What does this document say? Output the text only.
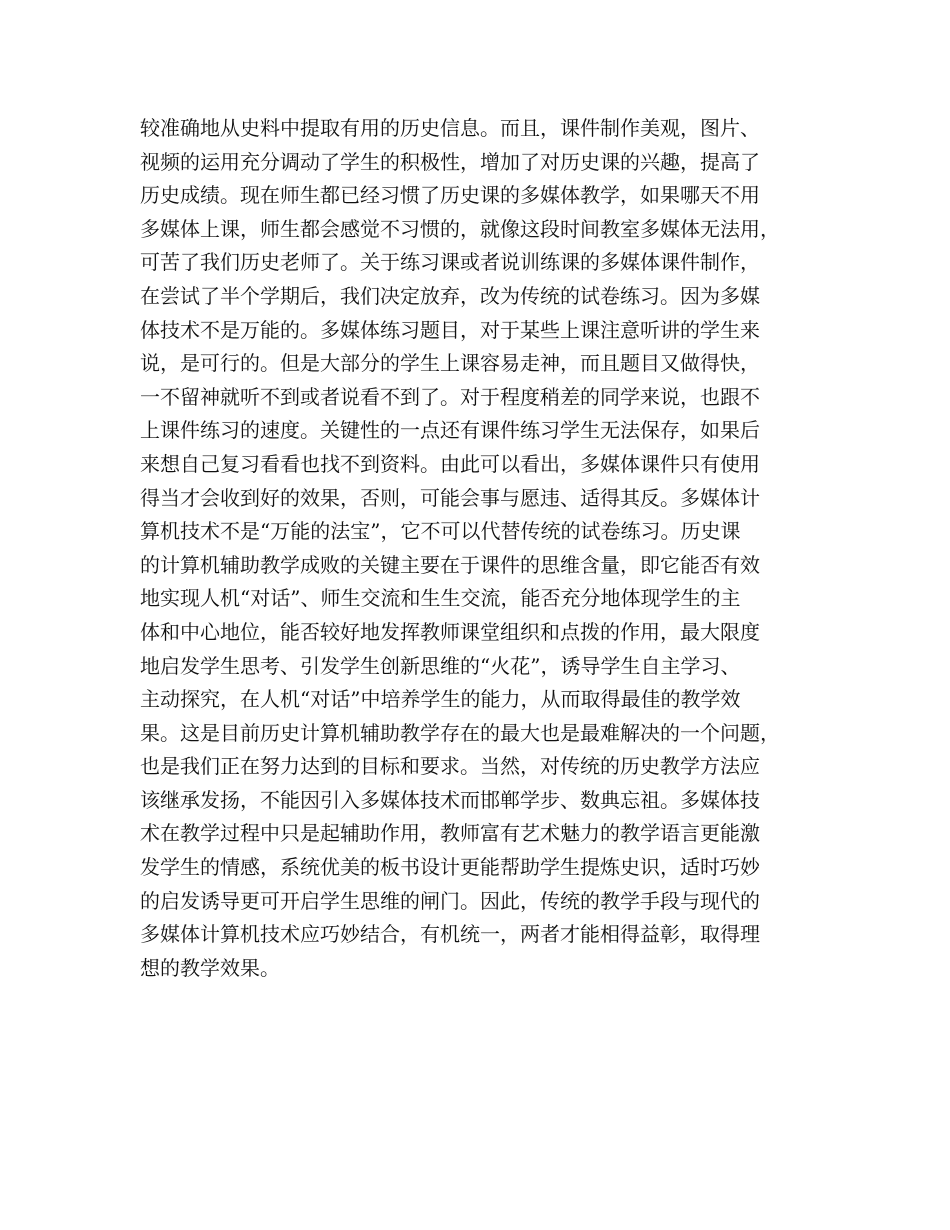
较准确地从史料中提取有用的历史信息。而且，课件制作美观，图片、
视频的运用充分调动了学生的积极性，增加了对历史课的兴趣，提高了
历史成绩。现在师生都已经习惯了历史课的多媒体教学，如果哪天不用
多媒体上课，师生都会感觉不习惯的，就像这段时间教室多媒体无法用，
可苦了我们历史老师了。关于练习课或者说训练课的多媒体课件制作，
在尝试了半个学期后，我们决定放弃，改为传统的试卷练习。因为多媒
体技术不是万能的。多媒体练习题目，对于某些上课注意听讲的学生来
说，是可行的。但是大部分的学生上课容易走神，而且题目又做得快，
一不留神就听不到或者说看不到了。对于程度稍差的同学来说，也跟不
上课件练习的速度。关键性的一点还有课件练习学生无法保存，如果后
来想自己复习看看也找不到资料。由此可以看出，多媒体课件只有使用
得当才会收到好的效果，否则，可能会事与愿违、适得其反。多媒体计
算机技术不是“万能的法宝”，它不可以代替传统的试卷练习。历史课
的计算机辅助教学成败的关键主要在于课件的思维含量，即它能否有效
地实现人机“对话”、师生交流和生生交流，能否充分地体现学生的主
体和中心地位，能否较好地发挥教师课堂组织和点拨的作用，最大限度
地启发学生思考、引发学生创新思维的“火花”，诱导学生自主学习、
主动探究，在人机“对话”中培养学生的能力，从而取得最佳的教学效
果。这是目前历史计算机辅助教学存在的最大也是最难解决的一个问题，
也是我们正在努力达到的目标和要求。当然，对传统的历史教学方法应
该继承发扬，不能因引入多媒体技术而邯郸学步、数典忘祖。多媒体技
术在教学过程中只是起辅助作用，教师富有艺术魅力的教学语言更能激
发学生的情感，系统优美的板书设计更能帮助学生提炼史识，适时巧妙
的启发诱导更可开启学生思维的闸门。因此，传统的教学手段与现代的
多媒体计算机技术应巧妙结合，有机统一，两者才能相得益彰，取得理
想的教学效果。
